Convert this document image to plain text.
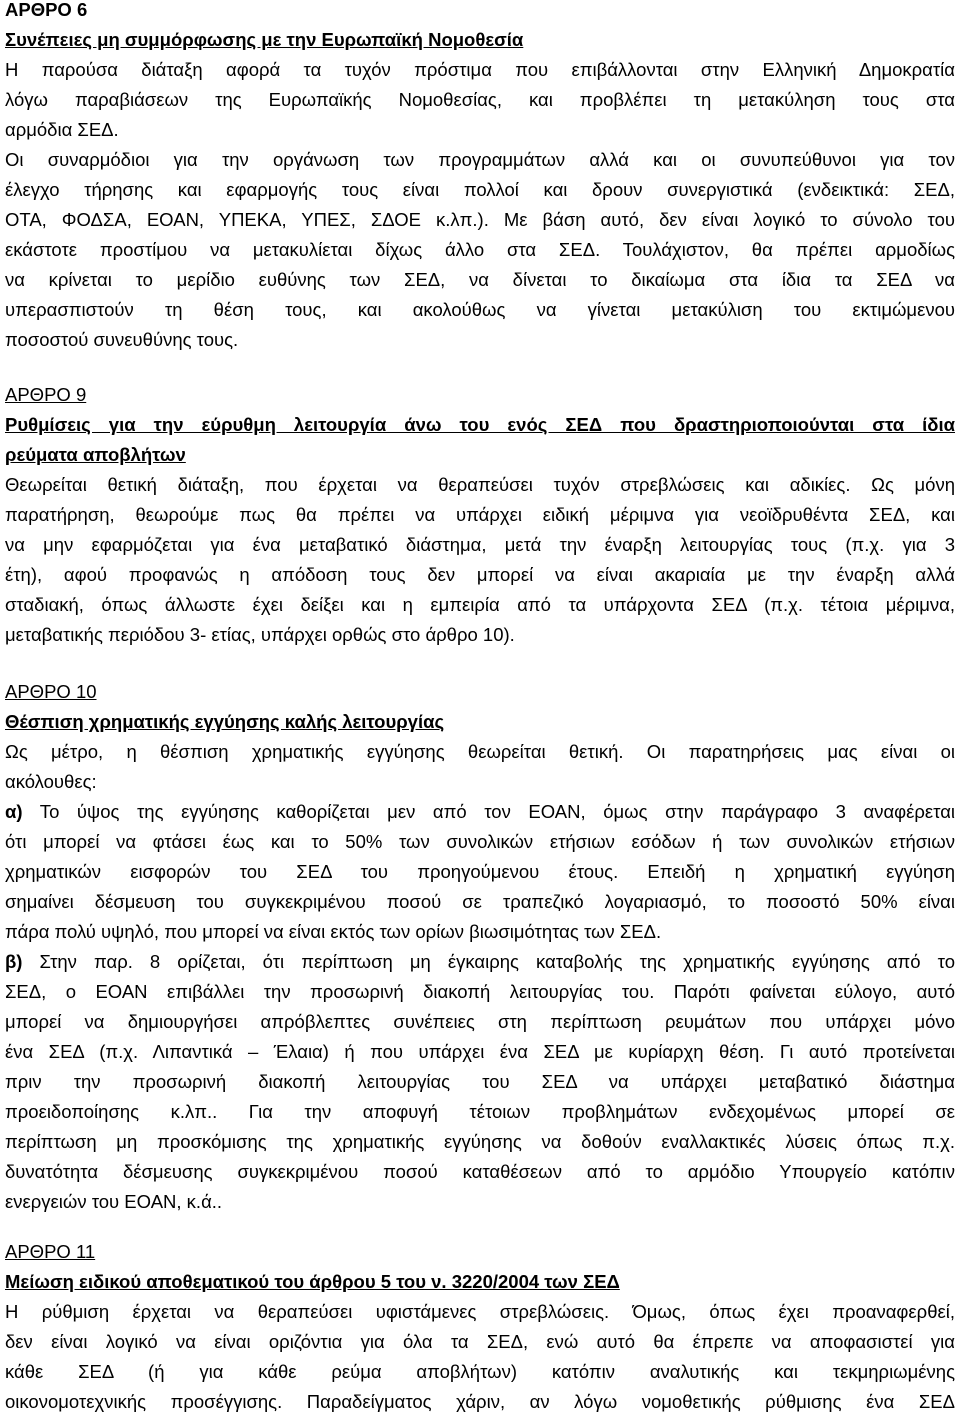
ΑΡΘΡΟ 6
Συνέπειες μη συμμόρφωσης με την Ευρωπαϊκή Νομοθεσία
Η παρούσα διάταξη αφορά τα τυχόν πρόστιμα που επιβάλλονται στην Ελληνική Δημοκρατία
λόγω παραβιάσεων της Ευρωπαϊκής Νομοθεσίας, και προβλέπει τη μετακύληση τους στα
αρμόδια ΣΕΔ.
Οι συναρμόδιοι για την οργάνωση των προγραμμάτων αλλά και οι συνυπεύθυνοι για τον
έλεγχο τήρησης και εφαρμογής τους είναι πολλοί και δρουν συνεργιστικά (ενδεικτικά: ΣΕΔ,
ΟΤΑ, ΦΟΔΣΑ, ΕΟΑΝ, ΥΠΕΚΑ, ΥΠΕΣ, ΣΔΟΕ κ.λπ.). Με βάση αυτό, δεν είναι λογικό το σύνολο του
εκάστοτε προστίμου να μετακυλίεται δίχως άλλο στα ΣΕΔ. Τουλάχιστον, θα πρέπει αρμοδίως
να κρίνεται το μερίδιο ευθύνης των ΣΕΔ, να δίνεται το δικαίωμα στα ίδια τα ΣΕΔ να
υπερασπιστούν τη θέση τους, και ακολούθως να γίνεται μετακύλιση του εκτιμώμενου
ποσοστού συνευθύνης τους.
ΑΡΘΡΟ 9
Ρυθμίσεις για την εύρυθμη λειτουργία άνω του ενός ΣΕΔ που δραστηριοποιούνται στα ίδια
ρεύματα αποβλήτων
Θεωρείται θετική διάταξη, που έρχεται να θεραπεύσει τυχόν στρεβλώσεις και αδικίες. Ως μόνη
παρατήρηση, θεωρούμε πως θα πρέπει να υπάρχει ειδική μέριμνα για νεοϊδρυθέντα ΣΕΔ, και
να μην εφαρμόζεται για ένα μεταβατικό διάστημα, μετά την έναρξη λειτουργίας τους (π.χ. για 3
έτη), αφού προφανώς η απόδοση τους δεν μπορεί να είναι ακαριαία με την έναρξη αλλά
σταδιακή, όπως άλλωστε έχει δείξει και η εμπειρία από τα υπάρχοντα ΣΕΔ (π.χ. τέτοια μέριμνα,
μεταβατικής περιόδου 3- ετίας, υπάρχει ορθώς στο άρθρο 10).
ΑΡΘΡΟ 10
Θέσπιση χρηματικής εγγύησης καλής λειτουργίας
Ως μέτρο, η θέσπιση χρηματικής εγγύησης θεωρείται θετική. Οι παρατηρήσεις μας είναι οι
ακόλουθες:
α) Το ύψος της εγγύησης καθορίζεται μεν από τον ΕΟΑΝ, όμως στην παράγραφο 3 αναφέρεται
ότι μπορεί να φτάσει έως και το 50% των συνολικών ετήσιων εσόδων ή των συνολικών ετήσιων
χρηματικών εισφορών του ΣΕΔ του προηγούμενου έτους. Επειδή η χρηματική εγγύηση
σημαίνει δέσμευση του συγκεκριμένου ποσού σε τραπεζικό λογαριασμό, το ποσοστό 50% είναι
πάρα πολύ υψηλό, που μπορεί να είναι εκτός των ορίων βιωσιμότητας των ΣΕΔ.
β) Στην παρ. 8 ορίζεται, ότι περίπτωση μη έγκαιρης καταβολής της χρηματικής εγγύησης από το
ΣΕΔ, ο ΕΟΑΝ επιβάλλει την προσωρινή διακοπή λειτουργίας του. Παρότι φαίνεται εύλογο, αυτό
μπορεί να δημιουργήσει απρόβλεπτες συνέπειες στη περίπτωση ρευμάτων που υπάρχει μόνο
ένα ΣΕΔ (π.χ. Λιπαντικά – Έλαια) ή που υπάρχει ένα ΣΕΔ με κυρίαρχη θέση. Γι αυτό προτείνεται
πριν την προσωρινή διακοπή λειτουργίας του ΣΕΔ να υπάρχει μεταβατικό διάστημα
προειδοποίησης κ.λπ.. Για την αποφυγή τέτοιων προβλημάτων ενδεχομένως μπορεί σε
περίπτωση μη προσκόμισης της χρηματικής εγγύησης να δοθούν εναλλακτικές λύσεις όπως π.χ.
δυνατότητα δέσμευσης συγκεκριμένου ποσού καταθέσεων από το αρμόδιο Υπουργείο κατόπιν
ενεργειών του ΕΟΑΝ, κ.ά..
ΑΡΘΡΟ 11
Μείωση ειδικού αποθεματικού του άρθρου 5 του ν. 3220/2004 των ΣΕΔ
Η ρύθμιση έρχεται να θεραπεύσει υφιστάμενες στρεβλώσεις. Όμως, όπως έχει προαναφερθεί,
δεν είναι λογικό να είναι οριζόντια για όλα τα ΣΕΔ, ενώ αυτό θα έπρεπε να αποφασιστεί για
κάθε ΣΕΔ (ή για κάθε ρεύμα αποβλήτων) κατόπιν αναλυτικής και τεκμηριωμένης
οικονομοτεχνικής προσέγγισης. Παραδείγματος χάριν, αν λόγω νομοθετικής ρύθμισης ένα ΣΕΔ
